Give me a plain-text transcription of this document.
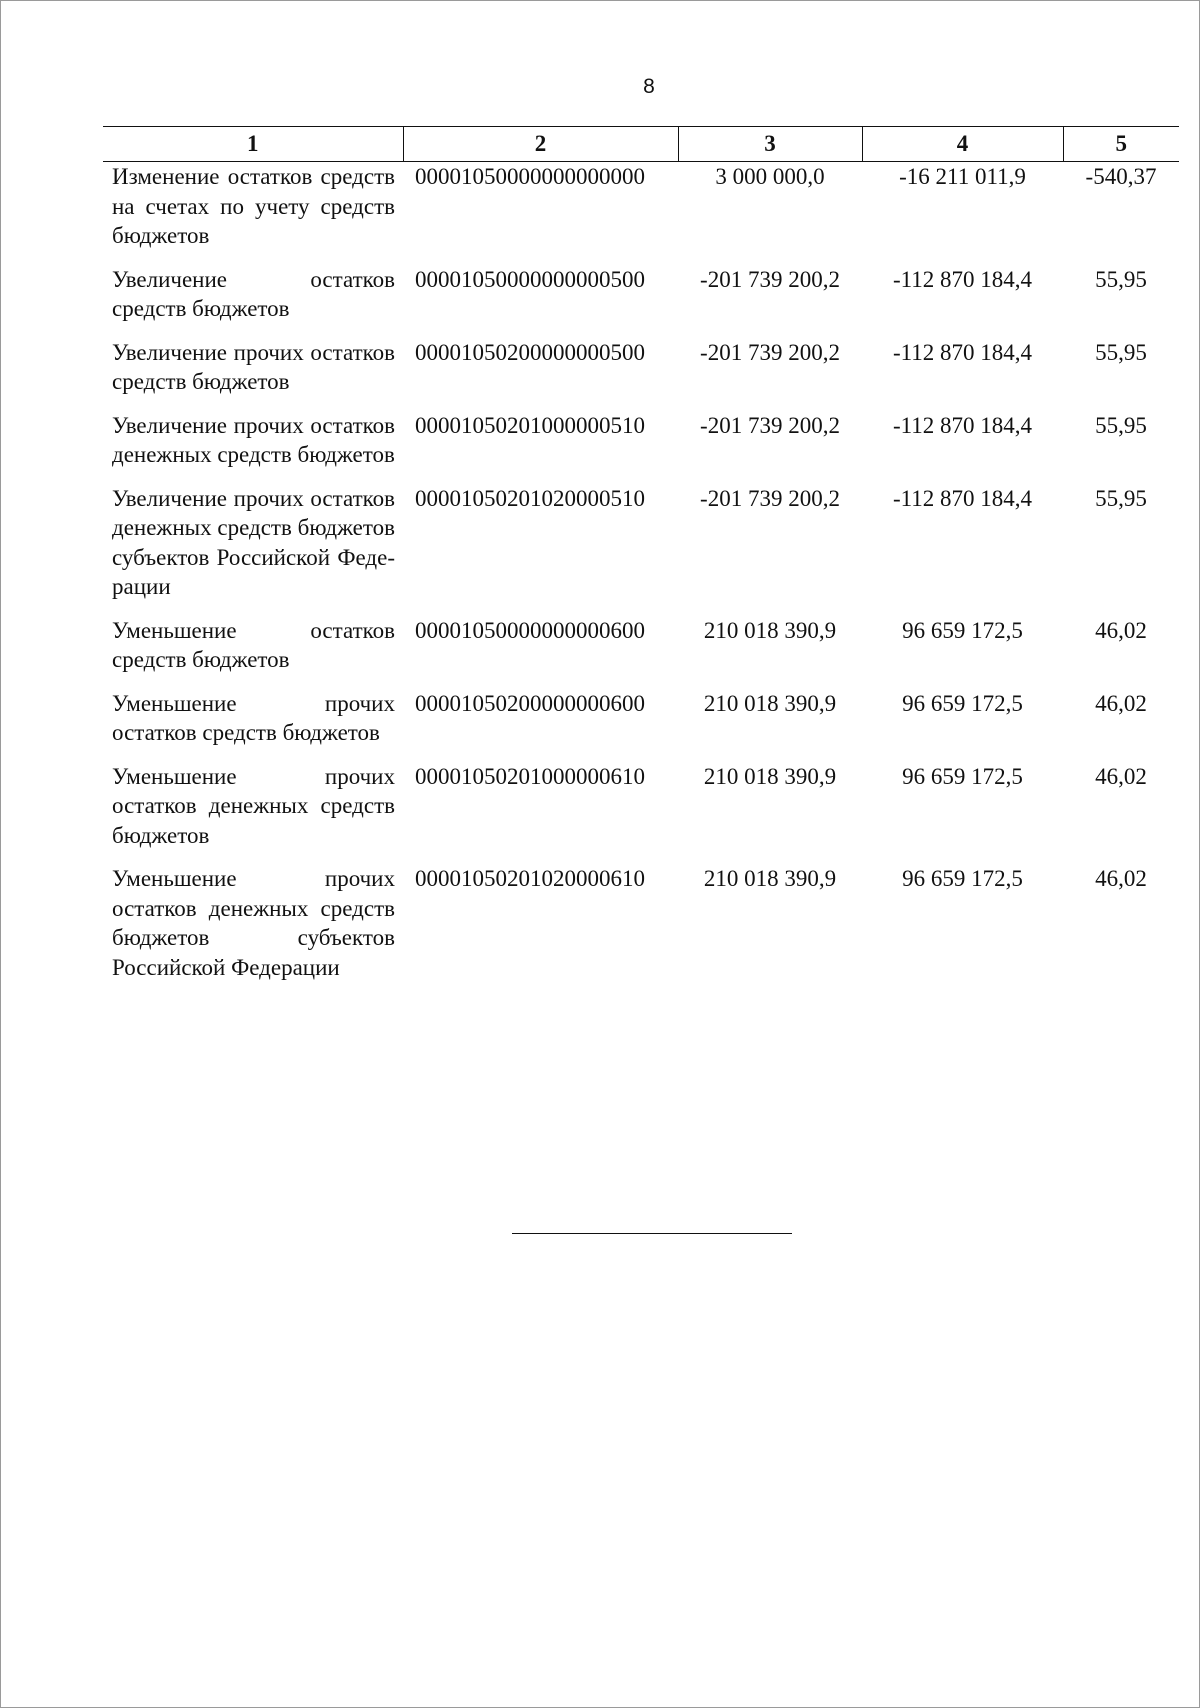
8
1	2	3	4	5
Изменение остатков средств на счетах по учету средств бюджетов	00001050000000000000	3 000 000,0	-16 211 011,9	-540,37
Увеличение остатков средств бюджетов	00001050000000000500	-201 739 200,2	-112 870 184,4	55,95
Увеличение прочих остатков средств бюджетов	00001050200000000500	-201 739 200,2	-112 870 184,4	55,95
Увеличение прочих остатков денежных средств бюджетов	00001050201000000510	-201 739 200,2	-112 870 184,4	55,95
Увеличение прочих остатков денежных средств бюджетов субъектов Российской Федерации	00001050201020000510	-201 739 200,2	-112 870 184,4	55,95
Уменьшение остатков средств бюджетов	00001050000000000600	210 018 390,9	96 659 172,5	46,02
Уменьшение прочих остатков средств бюджетов	00001050200000000600	210 018 390,9	96 659 172,5	46,02
Уменьшение прочих остатков денежных средств бюджетов	00001050201000000610	210 018 390,9	96 659 172,5	46,02
Уменьшение прочих остатков денежных средств бюджетов субъектов Российской Федерации	00001050201020000610	210 018 390,9	96 659 172,5	46,02
